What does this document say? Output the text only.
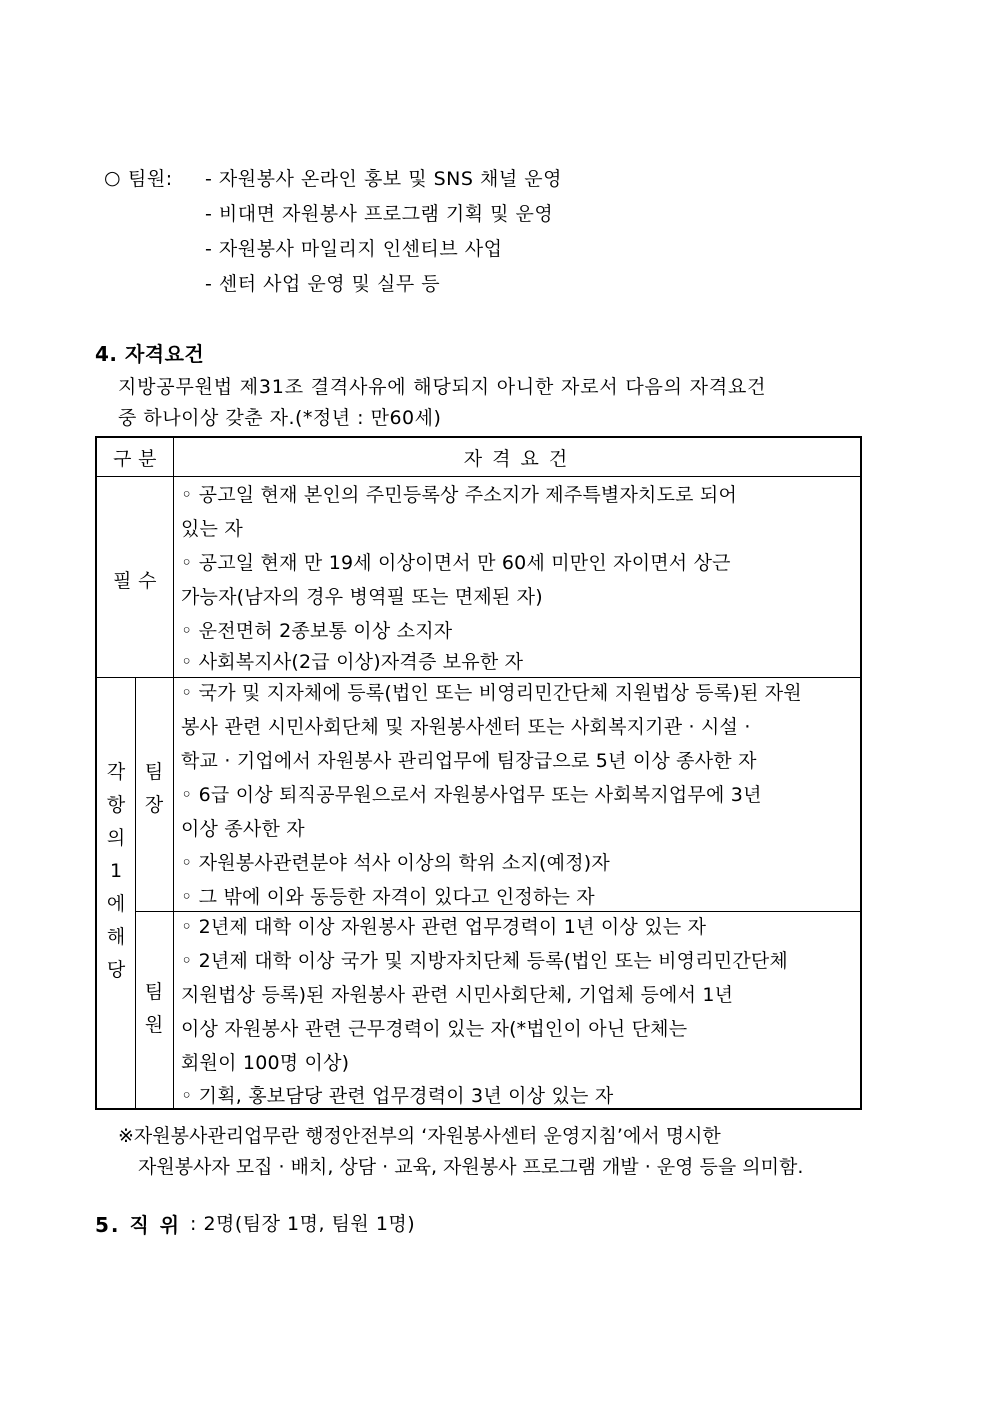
○ 팀원:	- 자원봉사 온라인 홍보 및 SNS 채널 운영
- 비대면 자원봉사 프로그램 기획 및 운영
- 자원봉사 마일리지 인센티브 사업
- 센터 사업 운영 및 실무 등
4. 자격요건
지방공무원법 제31조 결격사유에 해당되지 아니한 자로서 다음의 자격요건
중 하나이상 갖춘 자.(*정년 : 만60세)
구 분	자 격 요 건
필 수
◦ 공고일 현재 본인의 주민등록상 주소지가 제주특별자치도로 되어
있는 자
◦ 공고일 현재 만 19세 이상이면서 만 60세 미만인 자이면서 상근
가능자(남자의 경우 병역필 또는 면제된 자)
◦ 운전면허 2종보통 이상 소지자
◦ 사회복지사(2급 이상)자격증 보유한 자
각
항
의
1
에
해
당
팀
장
◦ 국가 및 지자체에 등록(법인 또는 비영리민간단체 지원법상 등록)된 자원
봉사 관련 시민사회단체 및 자원봉사센터 또는 사회복지기관 · 시설 ·
학교 · 기업에서 자원봉사 관리업무에 팀장급으로 5년 이상 종사한 자
◦ 6급 이상 퇴직공무원으로서 자원봉사업무 또는 사회복지업무에 3년
이상 종사한 자
◦ 자원봉사관련분야 석사 이상의 학위 소지(예정)자
◦ 그 밖에 이와 동등한 자격이 있다고 인정하는 자
팀
원
◦ 2년제 대학 이상 자원봉사 관련 업무경력이 1년 이상 있는 자
◦ 2년제 대학 이상 국가 및 지방자치단체 등록(법인 또는 비영리민간단체
지원법상 등록)된 자원봉사 관련 시민사회단체, 기업체 등에서 1년
이상 자원봉사 관련 근무경력이 있는 자(*법인이 아닌 단체는
회원이 100명 이상)
◦ 기획, 홍보담당 관련 업무경력이 3년 이상 있는 자
※자원봉사관리업무란 행정안전부의 ‘자원봉사센터 운영지침’에서 명시한
자원봉사자 모집 · 배치, 상담 · 교육, 자원봉사 프로그램 개발 · 운영 등을 의미함.
5. 직 위 : 2명(팀장 1명, 팀원 1명)
